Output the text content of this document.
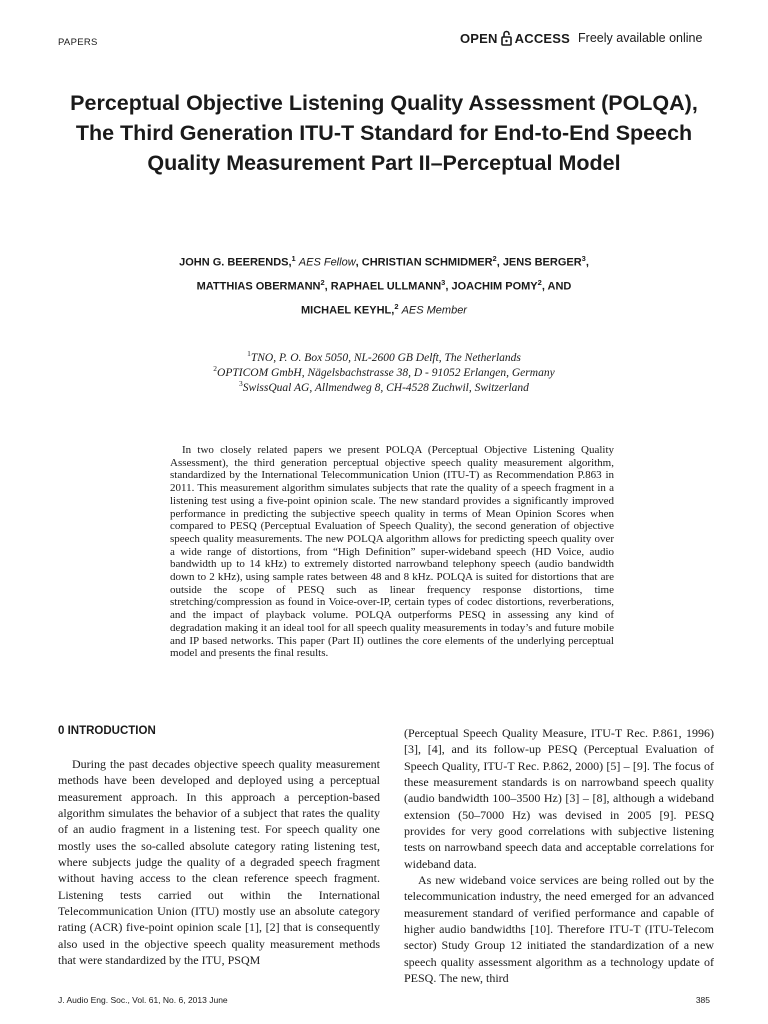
PAPERS	OPEN ACCESS Freely available online
Perceptual Objective Listening Quality Assessment (POLQA), The Third Generation ITU-T Standard for End-to-End Speech Quality Measurement Part II–Perceptual Model
JOHN G. BEERENDS,$^1$ AES Fellow, CHRISTIAN SCHMIDMER$^2$, JENS BERGER$^3$,
MATTHIAS OBERMANN$^2$, RAPHAEL ULLMANN$^3$, JOACHIM POMY$^2$, AND
MICHAEL KEYHL,$^2$ AES Member
$^1$TNO, P. O. Box 5050, NL-2600 GB Delft, The Netherlands
$^2$OPTICOM GmbH, Nägelsbachstrasse 38, D - 91052 Erlangen, Germany
$^3$SwissQual AG, Allmendweg 8, CH-4528 Zuchwil, Switzerland
In two closely related papers we present POLQA (Perceptual Objective Listening Quality Assessment), the third generation perceptual objective speech quality measurement algorithm, standardized by the International Telecommunication Union (ITU-T) as Recommendation P.863 in 2011. This measurement algorithm simulates subjects that rate the quality of a speech fragment in a listening test using a five-point opinion scale. The new standard provides a significantly improved performance in predicting the subjective speech quality in terms of Mean Opinion Scores when compared to PESQ (Perceptual Evaluation of Speech Quality), the second generation of objective speech quality measurements. The new POLQA algorithm allows for predicting speech quality over a wide range of distortions, from “High Definition” super-wideband speech (HD Voice, audio bandwidth up to 14 kHz) to extremely distorted narrowband telephony speech (audio bandwidth down to 2 kHz), using sample rates between 48 and 8 kHz. POLQA is suited for distortions that are outside the scope of PESQ such as linear frequency response distortions, time stretching/compression as found in Voice-over-IP, certain types of codec distortions, reverberations, and the impact of playback volume. POLQA outperforms PESQ in assessing any kind of degradation making it an ideal tool for all speech quality measurements in today’s and future mobile and IP based networks. This paper (Part II) outlines the core elements of the underlying perceptual model and presents the final results.
0 INTRODUCTION
During the past decades objective speech quality measurement methods have been developed and deployed using a perceptual measurement approach. In this approach a perception-based algorithm simulates the behavior of a subject that rates the quality of an audio fragment in a listening test. For speech quality one mostly uses the so-called absolute category rating listening test, where subjects judge the quality of a degraded speech fragment without having access to the clean reference speech fragment. Listening tests carried out within the International Telecommunication Union (ITU) mostly use an absolute category rating (ACR) five-point opinion scale [1], [2] that is consequently also used in the objective speech quality measurement methods that were standardized by the ITU, PSQM

(Perceptual Speech Quality Measure, ITU-T Rec. P.861, 1996) [3], [4], and its follow-up PESQ (Perceptual Evaluation of Speech Quality, ITU-T Rec. P.862, 2000) [5] – [9]. The focus of these measurement standards is on narrowband speech quality (audio bandwidth 100–3500 Hz) [3] – [8], although a wideband extension (50–7000 Hz) was devised in 2005 [9]. PESQ provides for very good correlations with subjective listening tests on narrowband speech data and acceptable correlations for wideband data.

As new wideband voice services are being rolled out by the telecommunication industry, the need emerged for an advanced measurement standard of verified performance and capable of higher audio bandwidths [10]. Therefore ITU-T (ITU-Telecom sector) Study Group 12 initiated the standardization of a new speech quality assessment algorithm as a technology update of PESQ. The new, third

J. Audio Eng. Soc., Vol. 61, No. 6, 2013 June	385
